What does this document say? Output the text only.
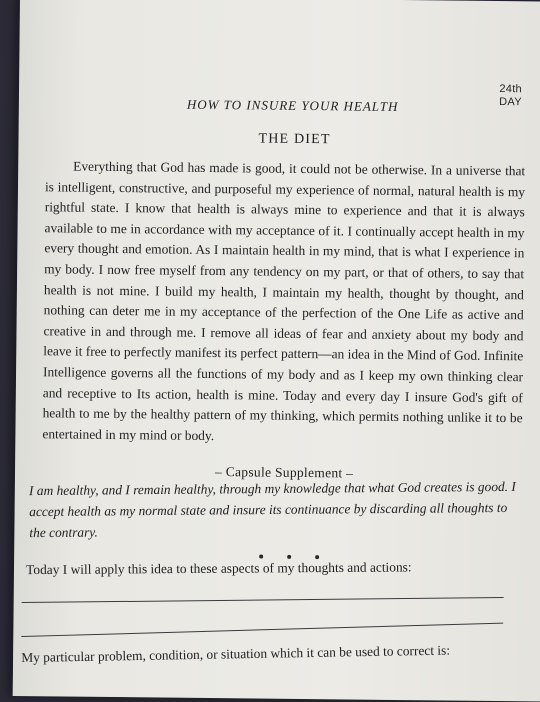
24th
DAY
HOW TO INSURE YOUR HEALTH
THE DIET
Everything that God has made is good, it could not be otherwise. In a universe that is intelligent, constructive, and purposeful my experience of normal, natural health is my rightful state. I know that health is always mine to experience and that it is always available to me in accordance with my acceptance of it. I continually accept health in my every thought and emotion. As I maintain health in my mind, that is what I experience in my body. I now free myself from any tendency on my part, or that of others, to say that health is not mine. I build my health, I maintain my health, thought by thought, and nothing can deter me in my acceptance of the perfection of the One Life as active and creative in and through me. I remove all ideas of fear and anxiety about my body and leave it free to perfectly manifest its perfect pattern—an idea in the Mind of God. Infinite Intelligence governs all the functions of my body and as I keep my own thinking clear and receptive to Its action, health is mine. Today and every day I insure God's gift of health to me by the healthy pattern of my thinking, which permits nothing unlike it to be entertained in my mind or body.
– Capsule Supplement –
I am healthy, and I remain healthy, through my knowledge that what God creates is good. I accept health as my normal state and insure its continuance by discarding all thoughts to the contrary.
Today I will apply this idea to these aspects of my thoughts and actions:
My particular problem, condition, or situation which it can be used to correct is:
